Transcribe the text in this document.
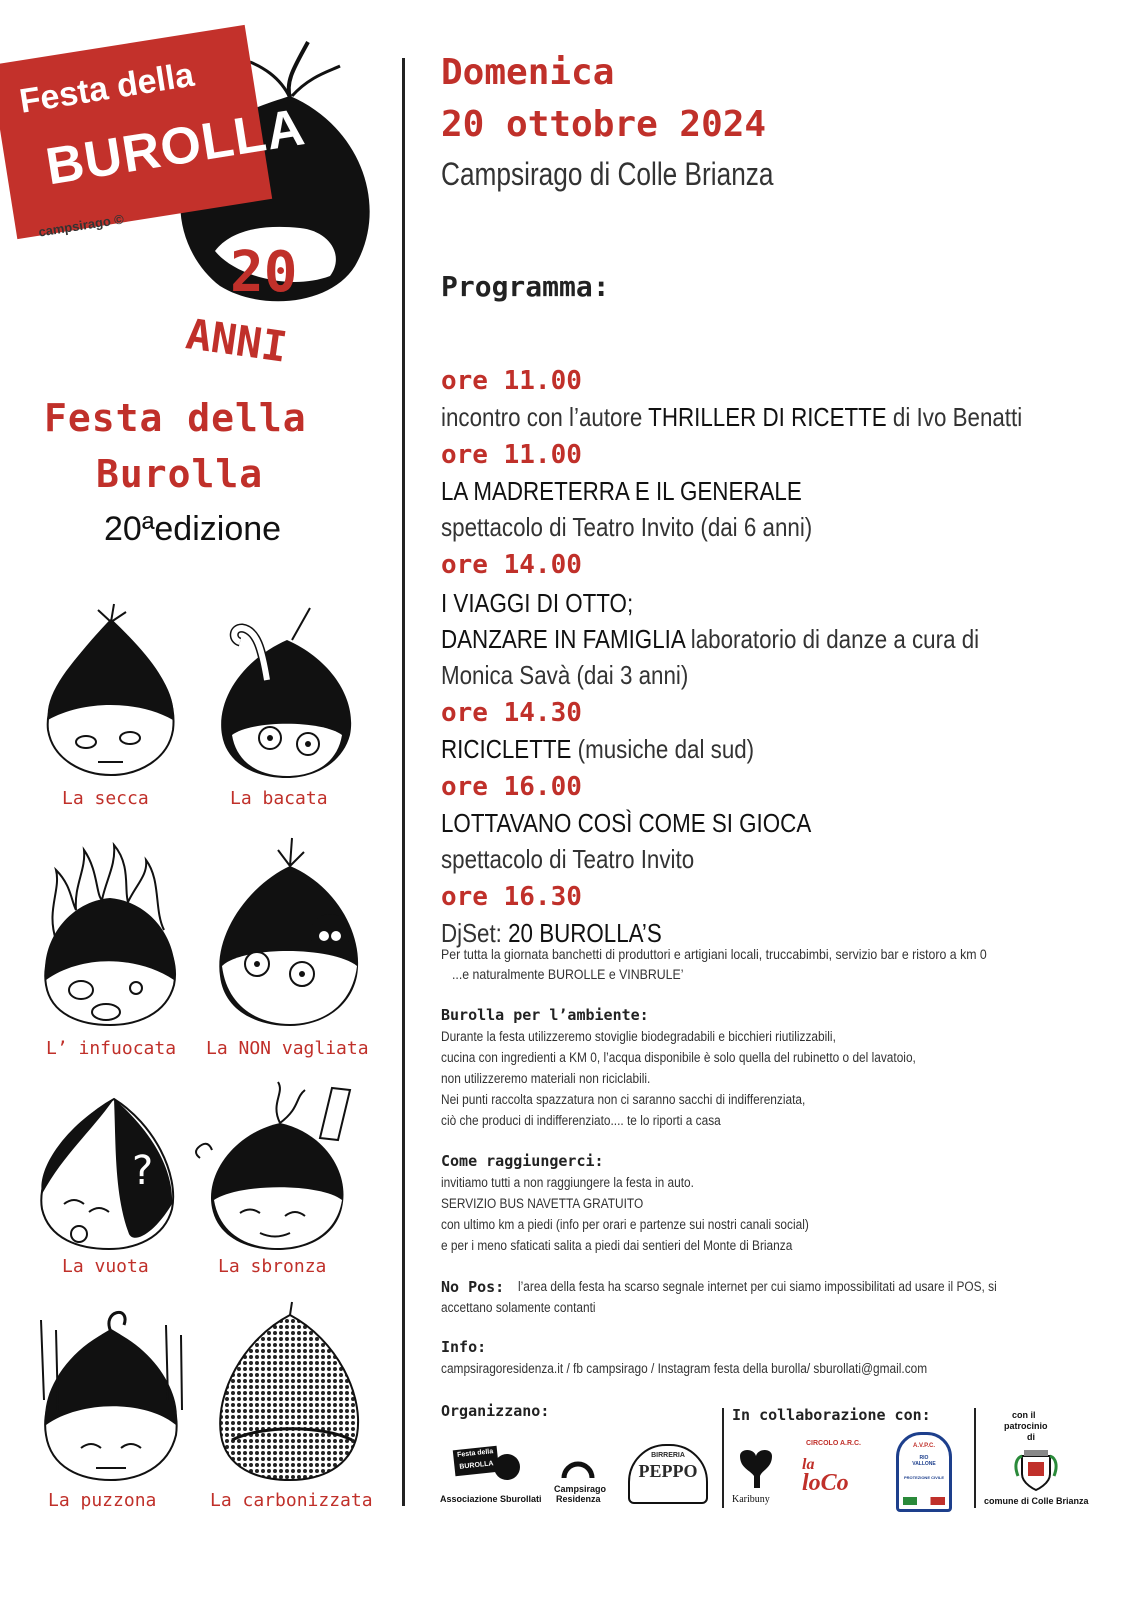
Festa della
BUROLLA
campsirago ©
20
ANNI
Festa della
Burolla
20ªedizione
La secca	La bacata
L’ infuocata La NON vagliata
?
La vuota	La sbronza
La puzzona	La carbonizzata
Domenica
20 ottobre 2024
Campsirago di Colle Brianza
Programma:
ore 11.00
incontro con l’autore THRILLER DI RICETTE di Ivo Benatti
ore 11.00
LA MADRETERRA E IL GENERALE
spettacolo di Teatro Invito (dai 6 anni)
ore 14.00
I VIAGGI DI OTTO;
DANZARE IN FAMIGLIA laboratorio di danze a cura di
Monica Savà (dai 3 anni)
ore 14.30
RICICLETTE (musiche dal sud)
ore 16.00
LOTTAVANO COSÌ COME SI GIOCA
spettacolo di Teatro Invito
ore 16.30
DjSet: 20 BUROLLA’S
Per tutta la giornata banchetti di produttori e artigiani locali, truccabimbi, servizio bar e ristoro a km 0
...e naturalmente BUROLLE e VINBRULE’
Burolla per l’ambiente:
Durante la festa utilizzeremo stoviglie biodegradabili e bicchieri riutilizzabili,
cucina con ingredienti a KM 0, l’acqua disponibile è solo quella del rubinetto o del lavatoio,
non utilizzeremo materiali non riciclabili.
Nei punti raccolta spazzatura non ci saranno sacchi di indifferenziata,
ciò che produci di indifferenziato.... te lo riporti a casa
Come raggiungerci:
invitiamo tutti a non raggiungere la festa in auto.
SERVIZIO BUS NAVETTA GRATUITO
con ultimo km a piedi (info per orari e partenze sui nostri canali social)
e per i meno sfaticati salita a piedi dai sentieri del Monte di Brianza
No Pos: l’area della festa ha scarso segnale internet per cui siamo impossibilitati ad usare il POS, si
accettano solamente contanti
Info:
campsiragoresidenza.it / fb campsirago / Instagram festa della burolla/ sburollati@gmail.com
Organizzano:	In collaborazione con:	con il
patrocinio
di
Festa della
BUROLLA
Associazione Sburollati
Campsirago
Residenza
BIRRERIA
PEPPO
Karibuny
CIRCOLO A.R.C.
la
loCo
A.V.P.C.
RIO
VALLONE
PROTEZIONE CIVILE
comune di Colle Brianza
